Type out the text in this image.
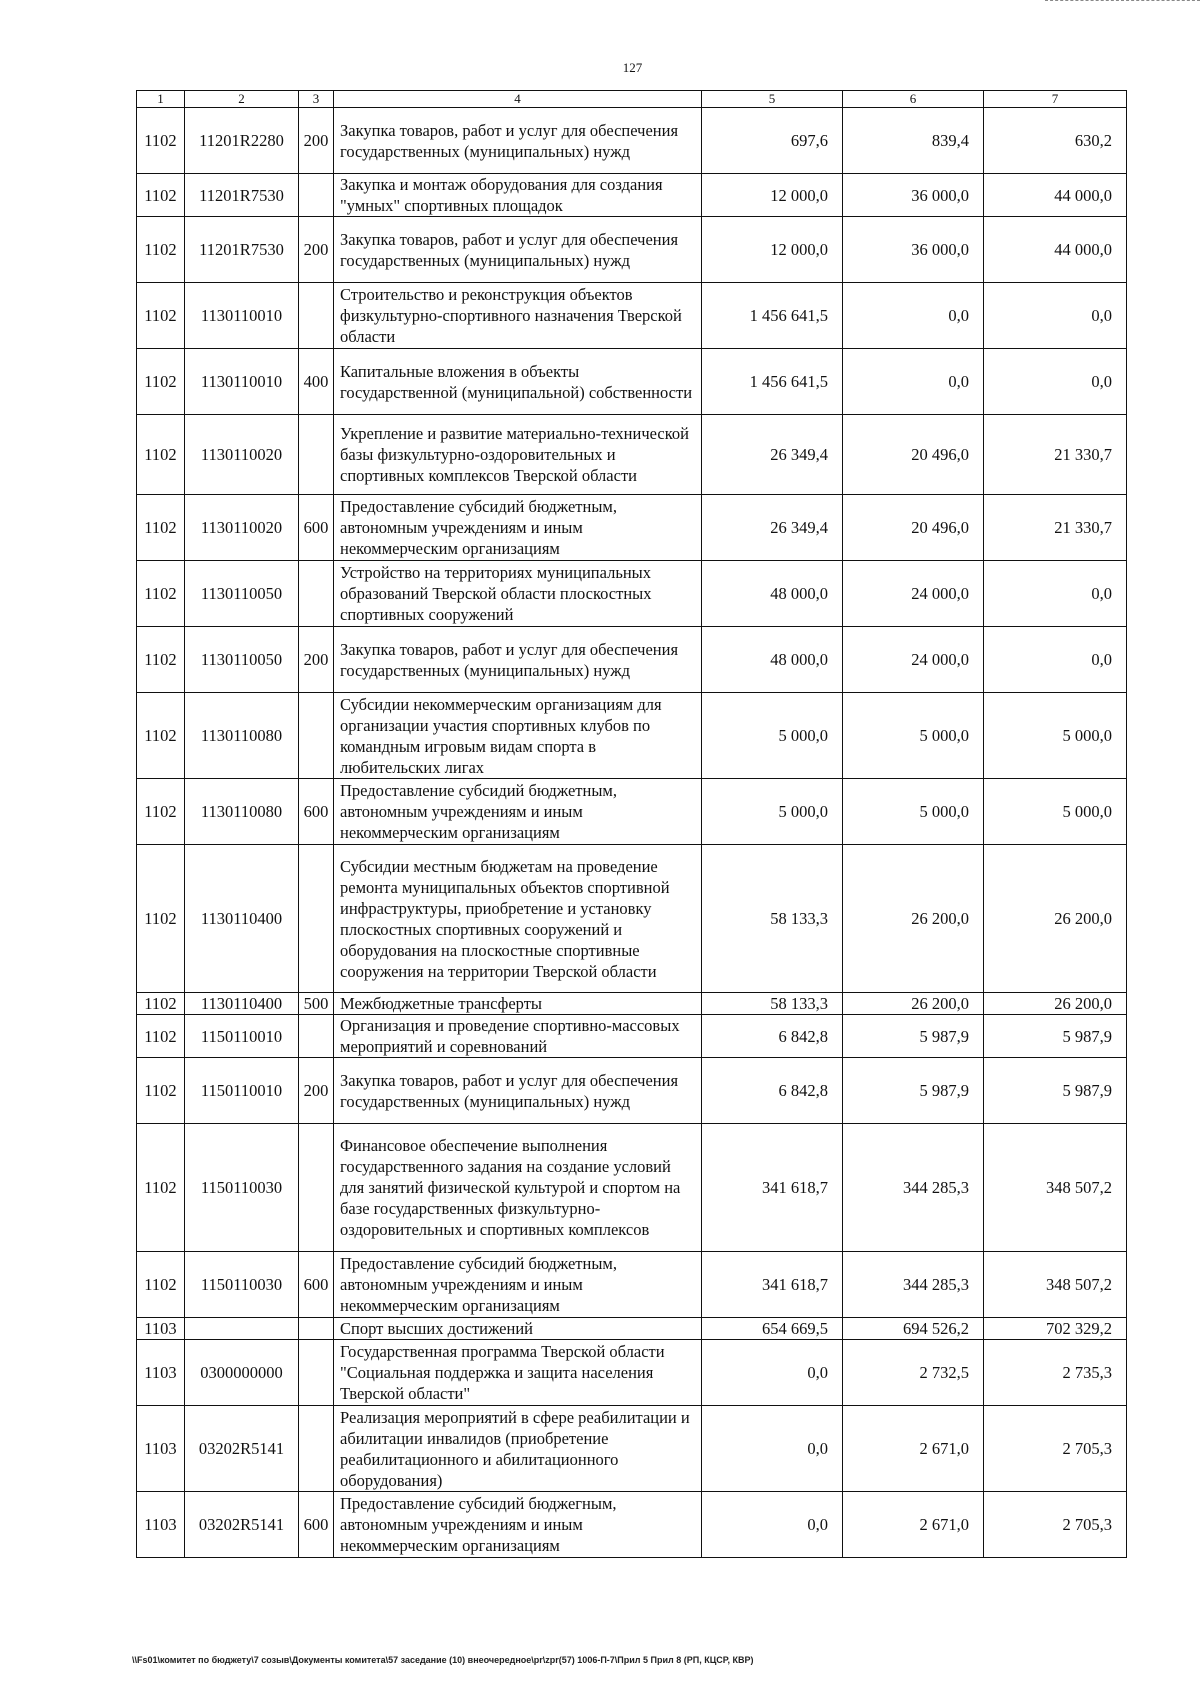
127
1	2	3	4	5	6	7
1102	11201R2280	200	Закупка товаров, работ и услуг для обеспечения государственных (муниципальных) нужд	697,6	839,4	630,2
1102	11201R7530		Закупка и монтаж оборудования для создания "умных" спортивных площадок	12 000,0	36 000,0	44 000,0
1102	11201R7530	200	Закупка товаров, работ и услуг для обеспечения государственных (муниципальных) нужд	12 000,0	36 000,0	44 000,0
1102	1130110010		Строительство и реконструкция объектов физкультурно-спортивного назначения Тверской области	1 456 641,5	0,0	0,0
1102	1130110010	400	Капитальные вложения в объекты государственной (муниципальной) собственности	1 456 641,5	0,0	0,0
1102	1130110020		Укрепление и развитие материально-технической базы физкультурно-оздоровительных и спортивных комплексов Тверской области	26 349,4	20 496,0	21 330,7
1102	1130110020	600	Предоставление субсидий бюджетным, автономным учреждениям и иным некоммерческим организациям	26 349,4	20 496,0	21 330,7
1102	1130110050		Устройство на территориях муниципальных образований Тверской области плоскостных спортивных сооружений	48 000,0	24 000,0	0,0
1102	1130110050	200	Закупка товаров, работ и услуг для обеспечения государственных (муниципальных) нужд	48 000,0	24 000,0	0,0
1102	1130110080		Субсидии некоммерческим организациям для организации участия спортивных клубов по командным игровым видам спорта в любительских лигах	5 000,0	5 000,0	5 000,0
1102	1130110080	600	Предоставление субсидий бюджетным, автономным учреждениям и иным некоммерческим организациям	5 000,0	5 000,0	5 000,0
1102	1130110400		Субсидии местным бюджетам на проведение ремонта муниципальных объектов спортивной инфраструктуры, приобретение и установку плоскостных спортивных сооружений и оборудования на плоскостные спортивные сооружения на территории Тверской области	58 133,3	26 200,0	26 200,0
1102	1130110400	500	Межбюджетные трансферты	58 133,3	26 200,0	26 200,0
1102	1150110010		Организация и проведение спортивно-массовых мероприятий и соревнований	6 842,8	5 987,9	5 987,9
1102	1150110010	200	Закупка товаров, работ и услуг для обеспечения государственных (муниципальных) нужд	6 842,8	5 987,9	5 987,9
1102	1150110030		Финансовое обеспечение выполнения государственного задания на создание условий для занятий физической культурой и спортом на базе государственных физкультурно-оздоровительных и спортивных комплексов	341 618,7	344 285,3	348 507,2
1102	1150110030	600	Предоставление субсидий бюджетным, автономным учреждениям и иным некоммерческим организациям	341 618,7	344 285,3	348 507,2
1103			Спорт высших достижений	654 669,5	694 526,2	702 329,2
1103	0300000000		Государственная программа Тверской области "Социальная поддержка и защита населения Тверской области"	0,0	2 732,5	2 735,3
1103	03202R5141		Реализация мероприятий в сфере реабилитации и абилитации инвалидов (приобретение реабилитационного и абилитационного оборудования)	0,0	2 671,0	2 705,3
1103	03202R5141	600	Предоставление субсидий бюджегным, автономным учреждениям и иным некоммерческим организациям	0,0	2 671,0	2 705,3
\\Fs01\комитет по бюджету\7 созыв\Документы комитета\57 заседание (10) внеочередное\pr\zpr(57) 1006-П-7\Прил 5 Прил 8 (РП, КЦСР, КВР)
